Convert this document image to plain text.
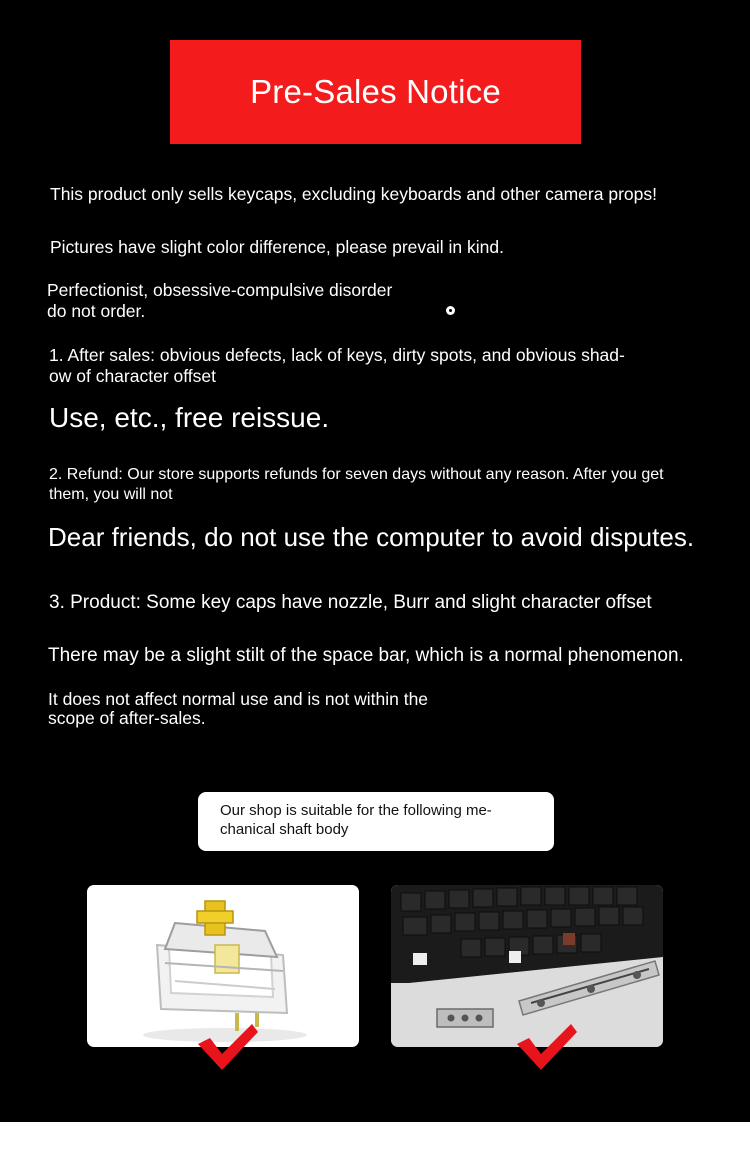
Pre-Sales Notice

This product only sells keycaps, excluding keyboards and other camera props!

Pictures have slight color difference, please prevail in kind.

Perfectionist, obsessive-compulsive disorder

do not order.

1. After sales: obvious defects, lack of keys, dirty spots, and obvious shad-

ow of character offset

Use, etc., free reissue.

2. Refund: Our store supports refunds for seven days without any reason. After you get

them, you will not

Dear friends, do not use the computer to avoid disputes.

3. Product: Some key caps have nozzle, Burr and slight character offset

There may be a slight stilt of the space bar, which is a normal phenomenon.

It does not affect normal use and is not within the

scope of after-sales.

Our shop is suitable for the following me-
chanical shaft body
